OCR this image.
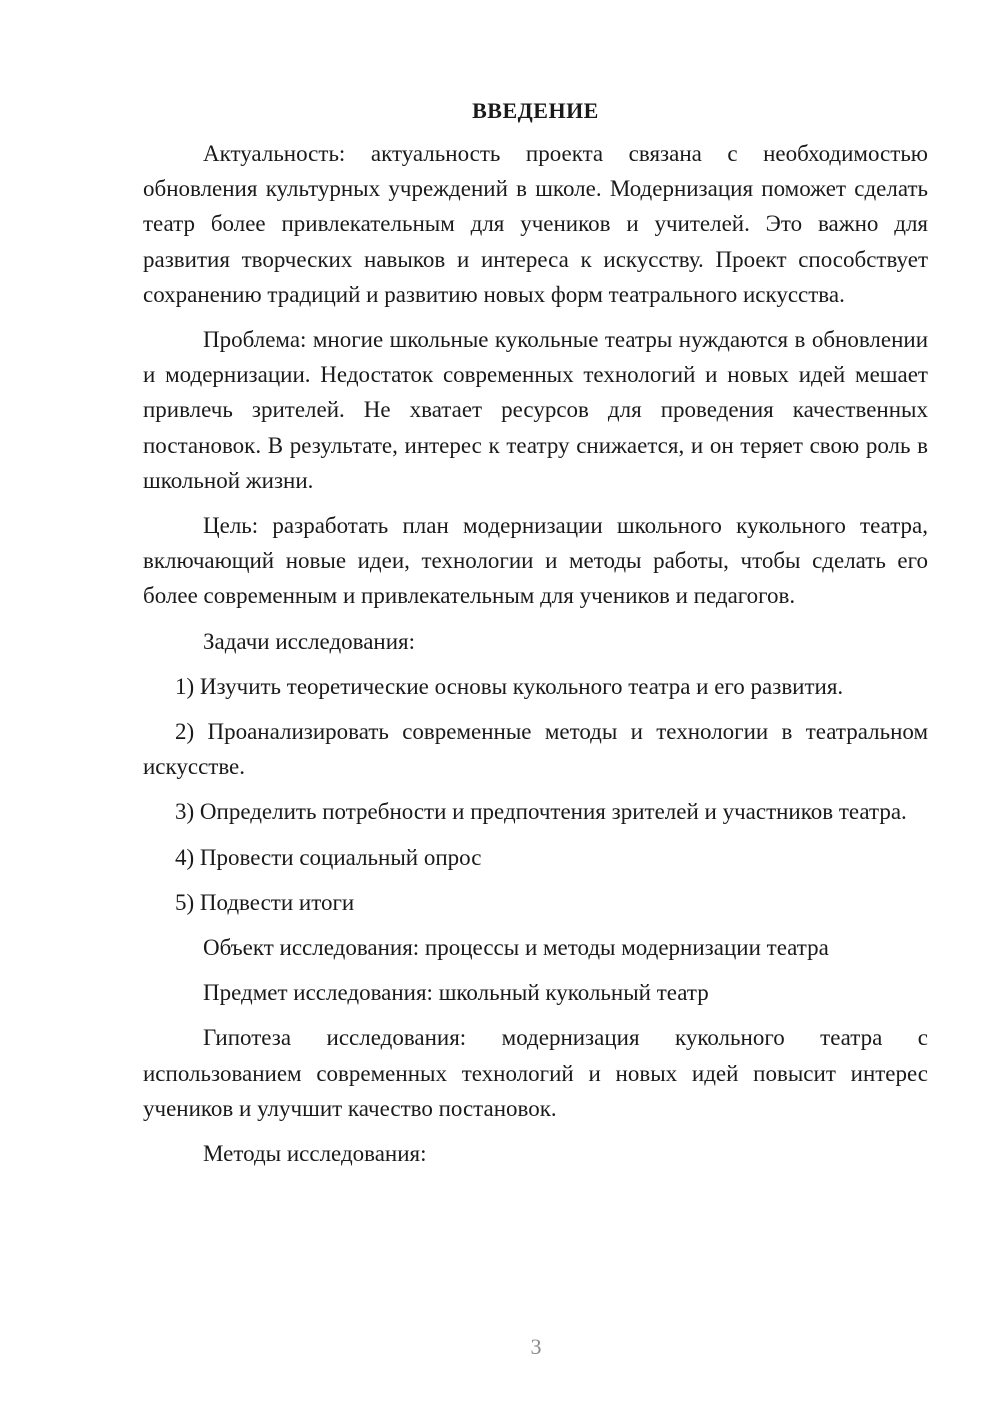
ВВЕДЕНИЕ

Актуальность: актуальность проекта связана с необходимостью обновления культурных учреждений в школе. Модернизация поможет сделать театр более привлекательным для учеников и учителей. Это важно для развития творческих навыков и интереса к искусству. Проект способствует сохранению традиций и развитию новых форм театрального искусства.

Проблема: многие школьные кукольные театры нуждаются в обновлении и модернизации. Недостаток современных технологий и новых идей мешает привлечь зрителей. Не хватает ресурсов для проведения качественных постановок. В результате, интерес к театру снижается, и он теряет свою роль в школьной жизни.

Цель: разработать план модернизации школьного кукольного театра, включающий новые идеи, технологии и методы работы, чтобы сделать его более современным и привлекательным для учеников и педагогов.

Задачи исследования:

1) Изучить теоретические основы кукольного театра и его развития.

2) Проанализировать современные методы и технологии в театральном искусстве.

3) Определить потребности и предпочтения зрителей и участников театра.

4) Провести социальный опрос

5) Подвести итоги

Объект исследования: процессы и методы модернизации театра

Предмет исследования: школьный кукольный театр

Гипотеза исследования: модернизация кукольного театра с использованием современных технологий и новых идей повысит интерес учеников и улучшит качество постановок.

Методы исследования:

3
